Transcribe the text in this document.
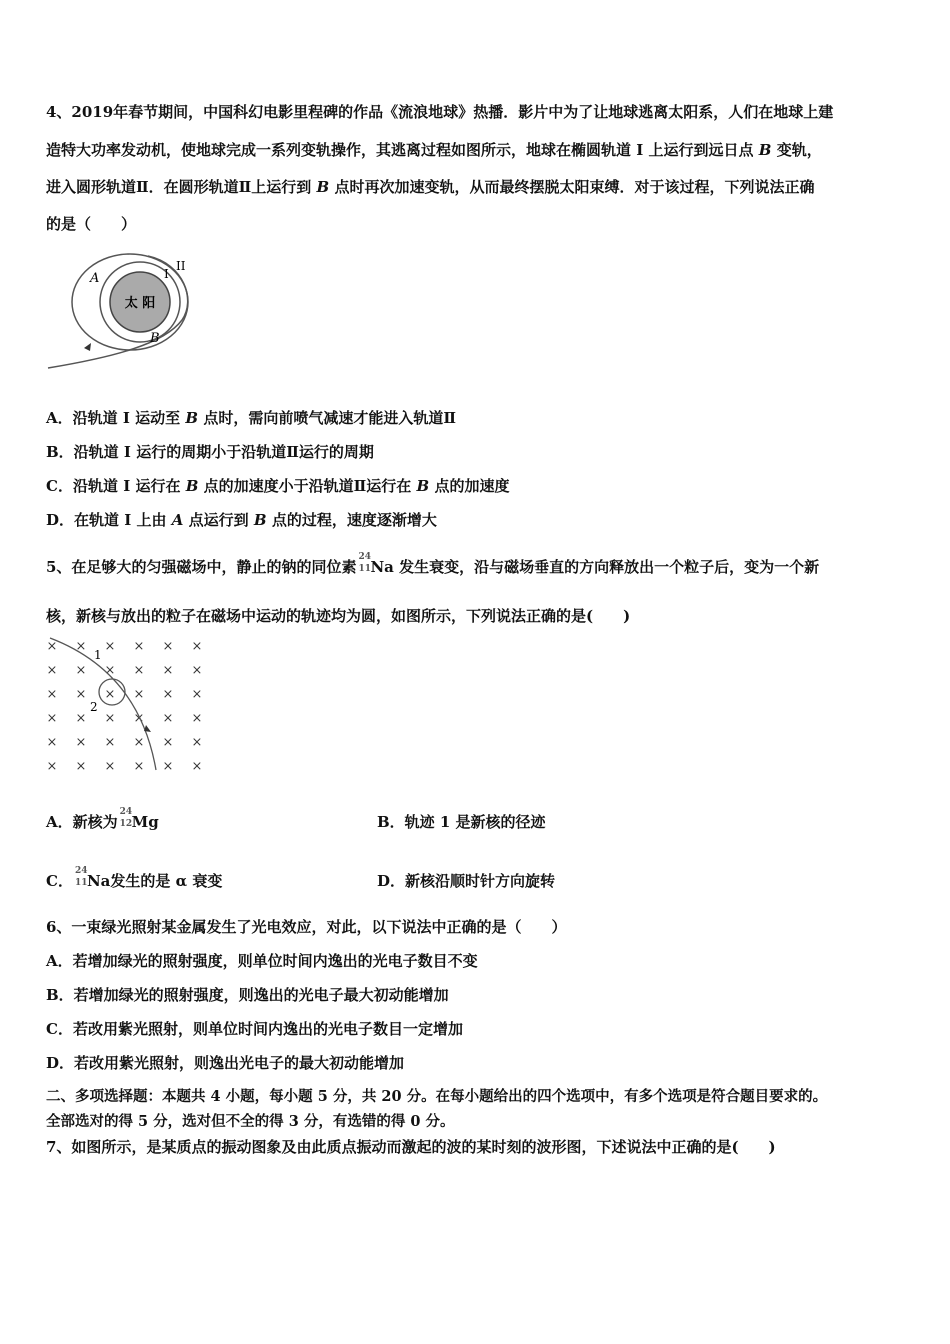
4、2019年春节期间，中国科幻电影里程碑的作品《流浪地球》热播．影片中为了让地球逃离太阳系，人们在地球上建
造特大功率发动机，使地球完成一系列变轨操作，其逃离过程如图所示，地球在椭圆轨道 I 上运行到远日点 B 变轨，
进入圆形轨道Ⅱ．在圆形轨道Ⅱ上运行到 B 点时再次加速变轨，从而最终摆脱太阳束缚．对于该过程，下列说法正确
的是（　　）
太 阳
A
B
I
II
A．沿轨道 I 运动至 B 点时，需向前喷气减速才能进入轨道Ⅱ
B．沿轨道 I 运行的周期小于沿轨道Ⅱ运行的周期
C．沿轨道 I 运行在 B 点的加速度小于沿轨道Ⅱ运行在 B 点的加速度
D．在轨道 I 上由 A 点运行到 B 点的过程，速度逐渐增大
5、在足够大的匀强磁场中，静止的钠的同位素
24
11 Na 发生衰变，沿与磁场垂直的方向释放出一个粒子后，变为一个新
核，新核与放出的粒子在磁场中运动的轨迹均为圆，如图所示，下列说法正确的是(　　)
×
×
×
×
×
×
×
×
×
×
×
×
×
×
×
×
×
×
×
×
×
×
×
×
×
×
×
×
×
×
×
×
×
×
×
×
1
2
A．新核为
24
12 Mg	B．轨迹 1 是新核的径迹
C．
24
11 Na发生的是 α 衰变	D．新核沿顺时针方向旋转
6、一束绿光照射某金属发生了光电效应，对此，以下说法中正确的是（　　）
A．若增加绿光的照射强度，则单位时间内逸出的光电子数目不变
B．若增加绿光的照射强度，则逸出的光电子最大初动能增加
C．若改用紫光照射，则单位时间内逸出的光电子数目一定增加
D．若改用紫光照射，则逸出光电子的最大初动能增加
二、多项选择题：本题共 4 小题，每小题 5 分，共 20 分。在每小题给出的四个选项中，有多个选项是符合题目要求的。
全部选对的得 5 分，选对但不全的得 3 分，有选错的得 0 分。
7、如图所示，是某质点的振动图象及由此质点振动而激起的波的某时刻的波形图，下述说法中正确的是(　　)
